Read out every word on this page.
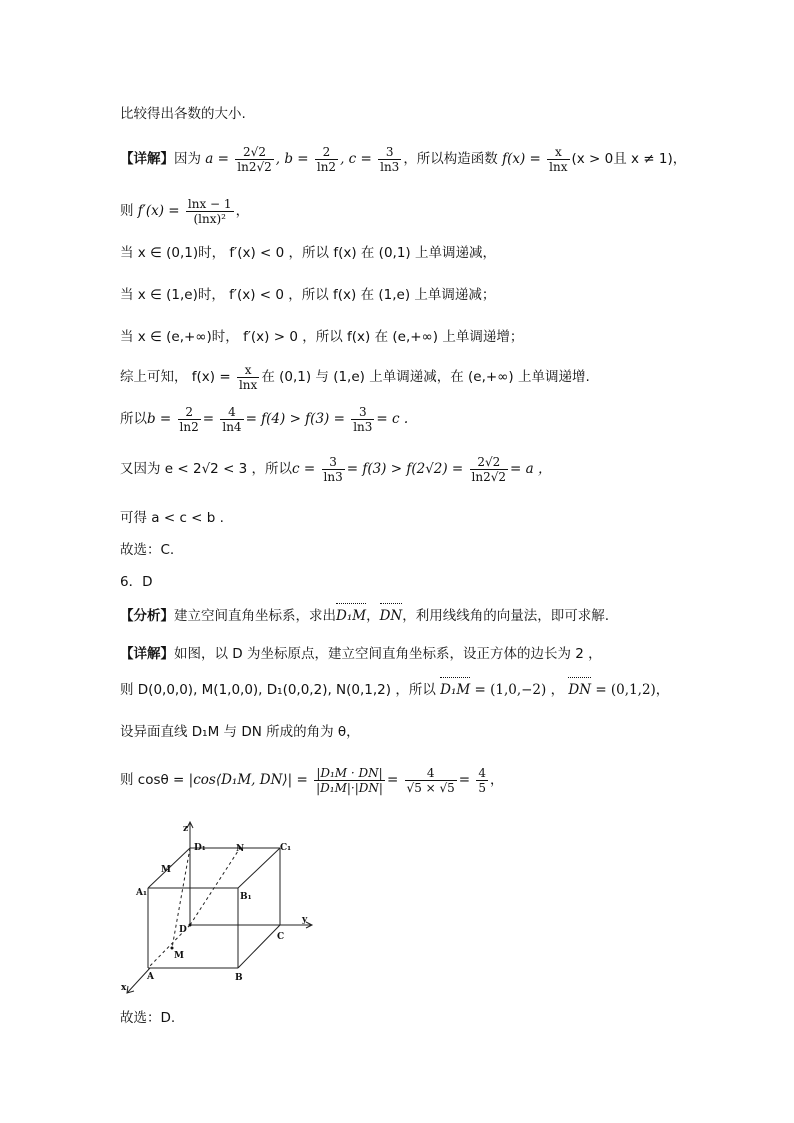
比较得出各数的大小.
【详解】因为 $a = \frac{2√2}{\ln 2√2}$ , $b = \frac{2}{\ln 2}$ , $c = \frac{3}{\ln 3}$ ，所以构造函数 $f(x) = \frac{x}{\ln x} (x > 0$且 x ≠ 1)，
则 $f'(x) = \frac{\ln x - 1}{\text{(lnx)²}}$ ，
当 x ∈ (0,1)时， f′(x) < 0 ，所以 f(x) 在 (0,1) 上单调递减，
当 x ∈ (1,e)时， f′(x) < 0 ，所以 f(x) 在 (1,e) 上单调递减；
当 x ∈ (e,+∞)时， f′(x) > 0 ，所以 f(x) 在 (e,+∞) 上单调递增；
综上可知， $f(x) = \frac{x}{\ln x}$ 在 (0,1) 与 (1,e) 上单调递减，在 (e,+∞) 上单调递增.
所以$b = \frac{2}{\ln 2} = \frac{4}{\ln 4} = f(4) > f(3) = \frac{3}{\ln 3} = c$ .
又因为 e < 2√2 < 3 ，所以$c = \frac{3}{\ln 3} = f(3) > f(2√2) = \frac{2√2}{\ln 2√2} = a$ ，
可得 a < c < b .
故选：C.
6．D
【分析】建立空间直角坐标系，求出D₁M，DN，利用线线角的向量法，即可求解.
【详解】如图，以 D 为坐标原点，建立空间直角坐标系，设正方体的边长为 2 ，
则 D(0,0,0), M(1,0,0), D₁(0,0,2), N(0,1,2) ，所以 D₁M = (1,0,−2) ， DN = (0,1,2)，
设异面直线 D₁M 与 DN 所成的角为 θ，
则 cosθ = |cos⟨D₁M, DN⟩| = $\frac{\text{|D₁M · DN|}}{\text{|D₁M|·|DN|}} = \frac{4}{√5 \times √5} = \frac{4}{5}$ ，
z
y
x
D₁	N	C₁
M
A₁	B₁
D
C
M
A	B
故选：D.
